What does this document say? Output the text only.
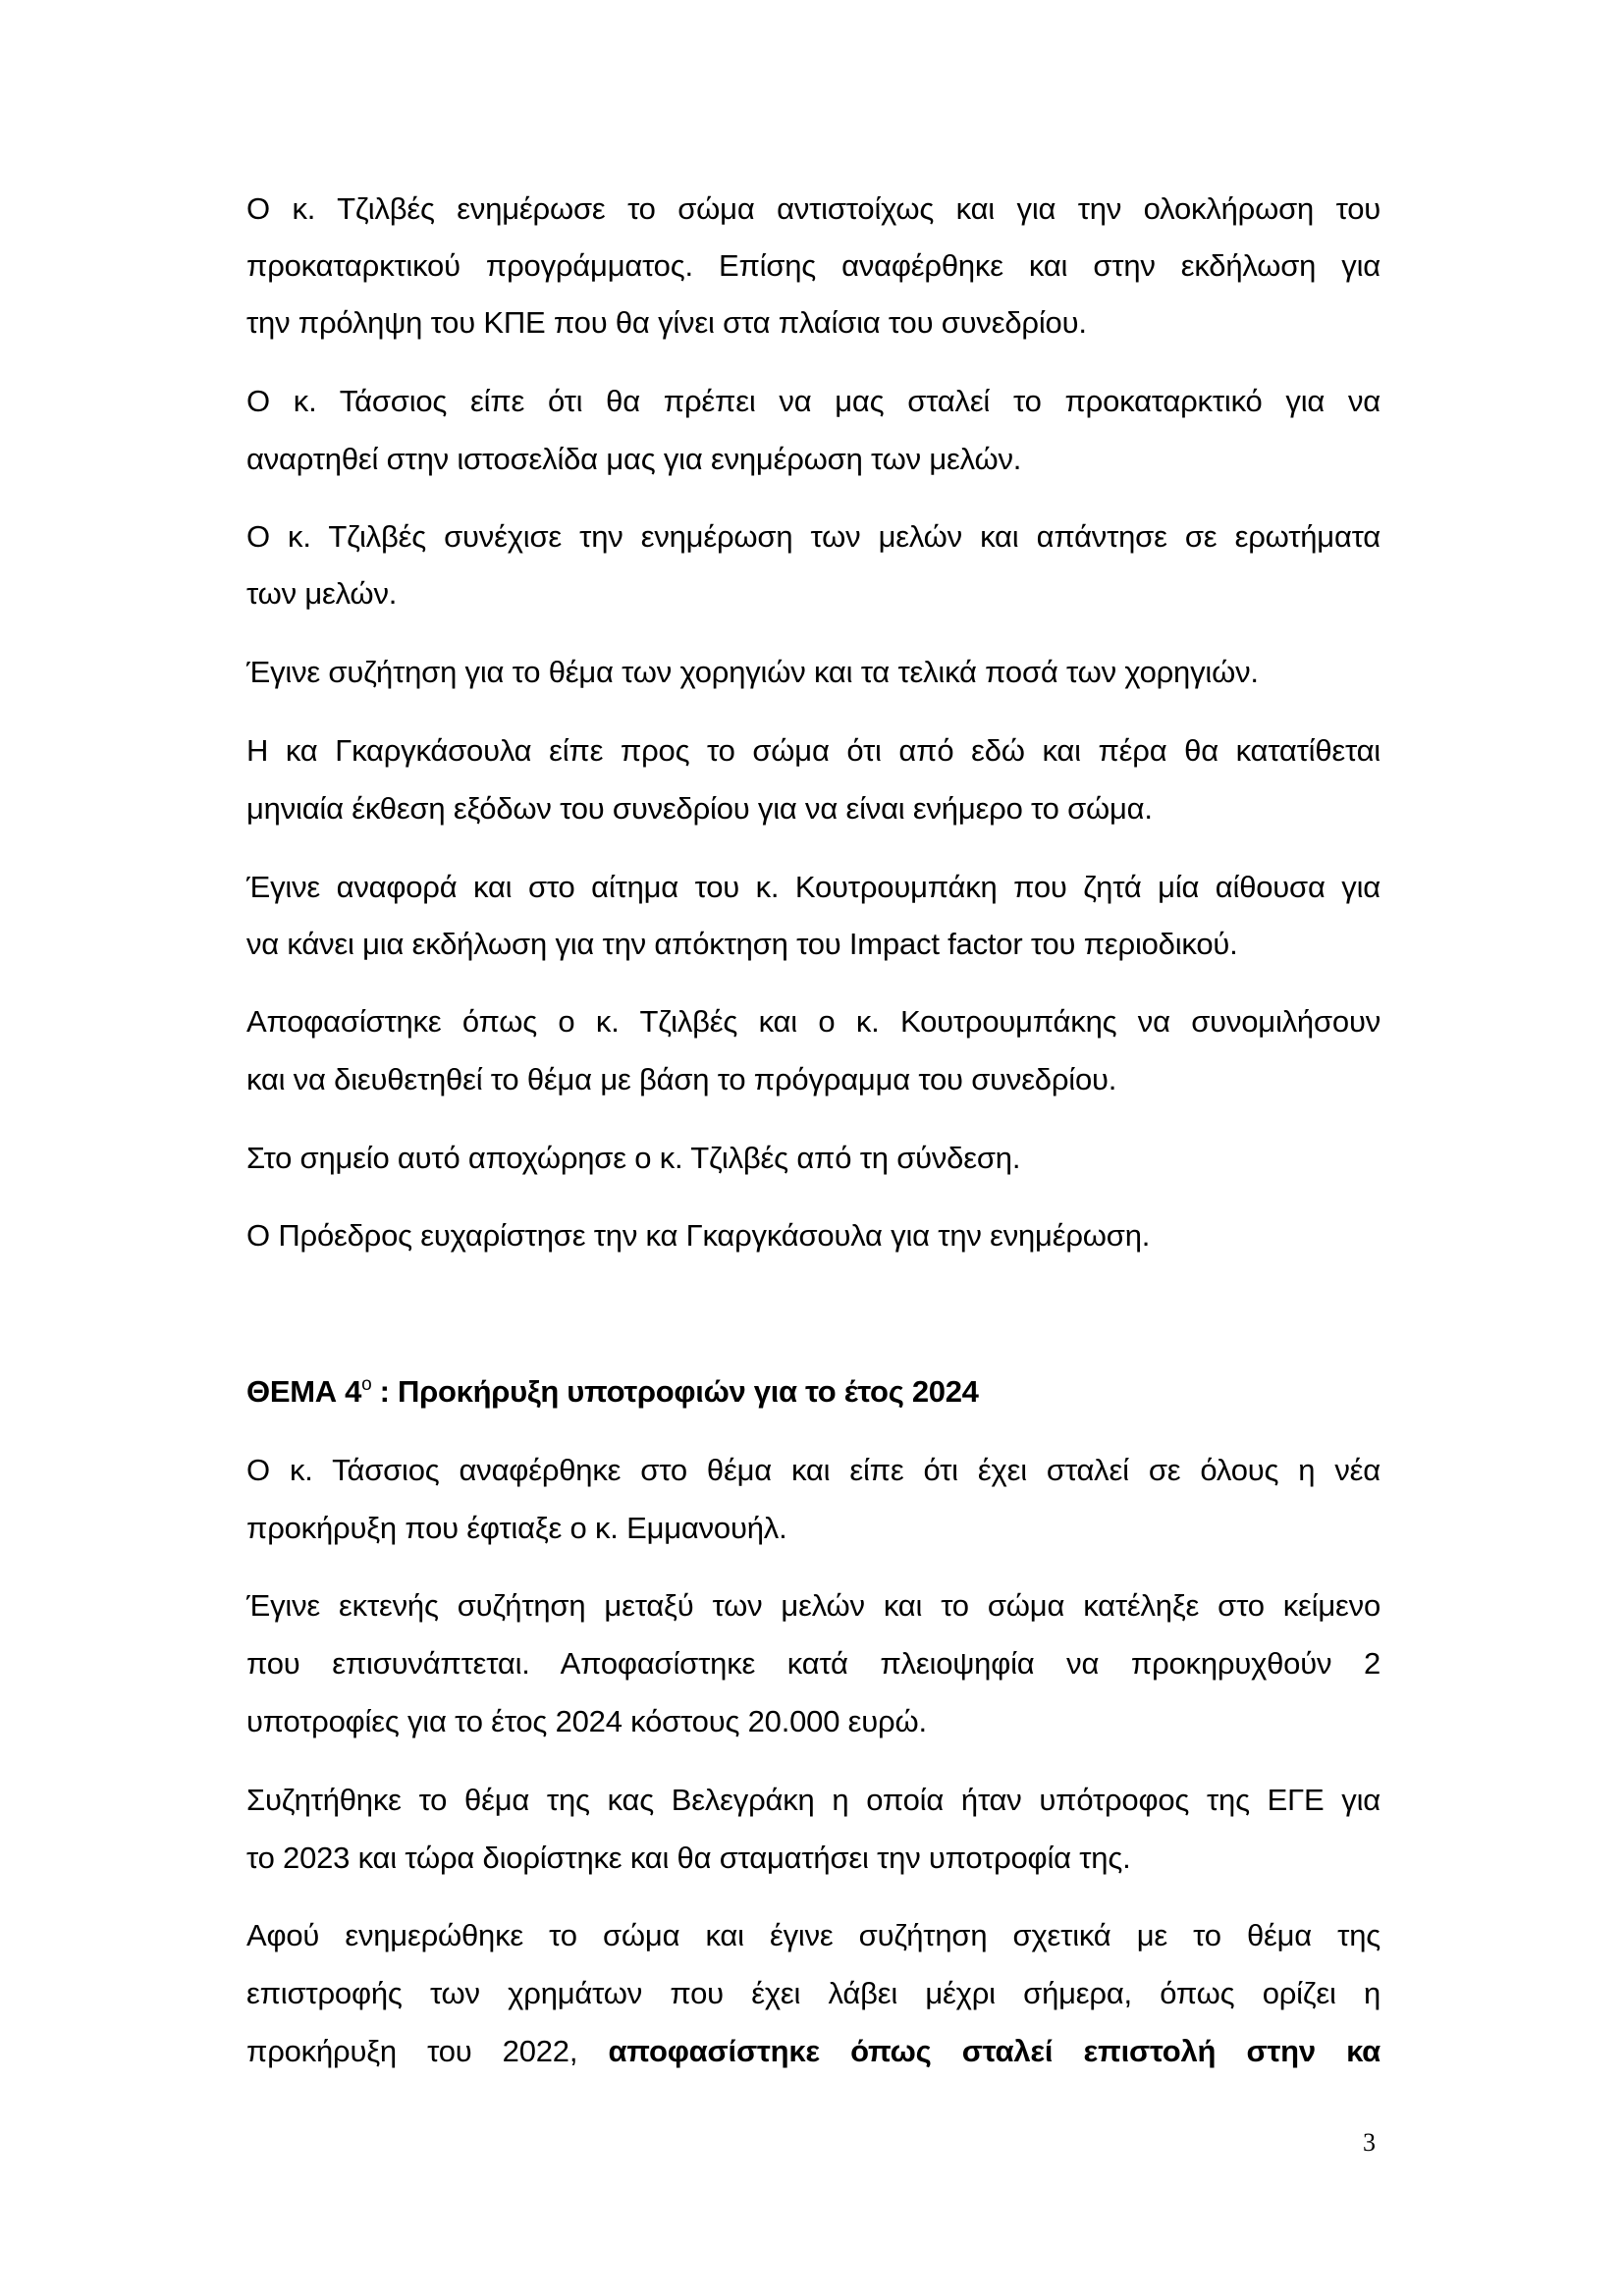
Ο κ. Τζιλβές ενημέρωσε το σώμα αντιστοίχως και για την ολοκλήρωση του
προκαταρκτικού προγράμματος. Επίσης αναφέρθηκε και στην εκδήλωση για
την πρόληψη του ΚΠΕ που θα γίνει στα πλαίσια του συνεδρίου.
Ο κ. Τάσσιος είπε ότι θα πρέπει να μας σταλεί το προκαταρκτικό για να
αναρτηθεί στην ιστοσελίδα μας για ενημέρωση των μελών.
Ο κ. Τζιλβές συνέχισε την ενημέρωση των μελών και απάντησε σε ερωτήματα
των μελών.
Έγινε συζήτηση για το θέμα των χορηγιών και τα τελικά ποσά των χορηγιών.
Η κα Γκαργκάσουλα είπε προς το σώμα ότι από εδώ και πέρα θα κατατίθεται
μηνιαία έκθεση εξόδων του συνεδρίου για να είναι ενήμερο το σώμα.
Έγινε αναφορά και στο αίτημα του κ. Κουτρουμπάκη που ζητά μία αίθουσα για
να κάνει μια εκδήλωση για την απόκτηση του Impact factor του περιοδικού.
Αποφασίστηκε όπως ο κ. Τζιλβές και ο κ. Κουτρουμπάκης να συνομιλήσουν
και να διευθετηθεί το θέμα με βάση το πρόγραμμα του συνεδρίου.
Στο σημείο αυτό αποχώρησε ο κ. Τζιλβές από τη σύνδεση.
Ο Πρόεδρος ευχαρίστησε την κα Γκαργκάσουλα για την ενημέρωση.
ΘΕΜΑ $4^o$ : Προκήρυξη υποτροφιών για το έτος 2024
Ο κ. Τάσσιος αναφέρθηκε στο θέμα και είπε ότι έχει σταλεί σε όλους η νέα
προκήρυξη που έφτιαξε ο κ. Εμμανουήλ.
Έγινε εκτενής συζήτηση μεταξύ των μελών και το σώμα κατέληξε στο κείμενο
που επισυνάπτεται. Αποφασίστηκε κατά πλειοψηφία να προκηρυχθούν 2
υποτροφίες για το έτος 2024 κόστους 20.000 ευρώ.
Συζητήθηκε το θέμα της κας Βελεγράκη η οποία ήταν υπότροφος της ΕΓΕ για
το 2023 και τώρα διορίστηκε και θα σταματήσει την υποτροφία της.
Αφού ενημερώθηκε το σώμα και έγινε συζήτηση σχετικά με το θέμα της
επιστροφής των χρημάτων που έχει λάβει μέχρι σήμερα, όπως ορίζει η
προκήρυξη του 2022, αποφασίστηκε όπως σταλεί επιστολή στην κα
3
